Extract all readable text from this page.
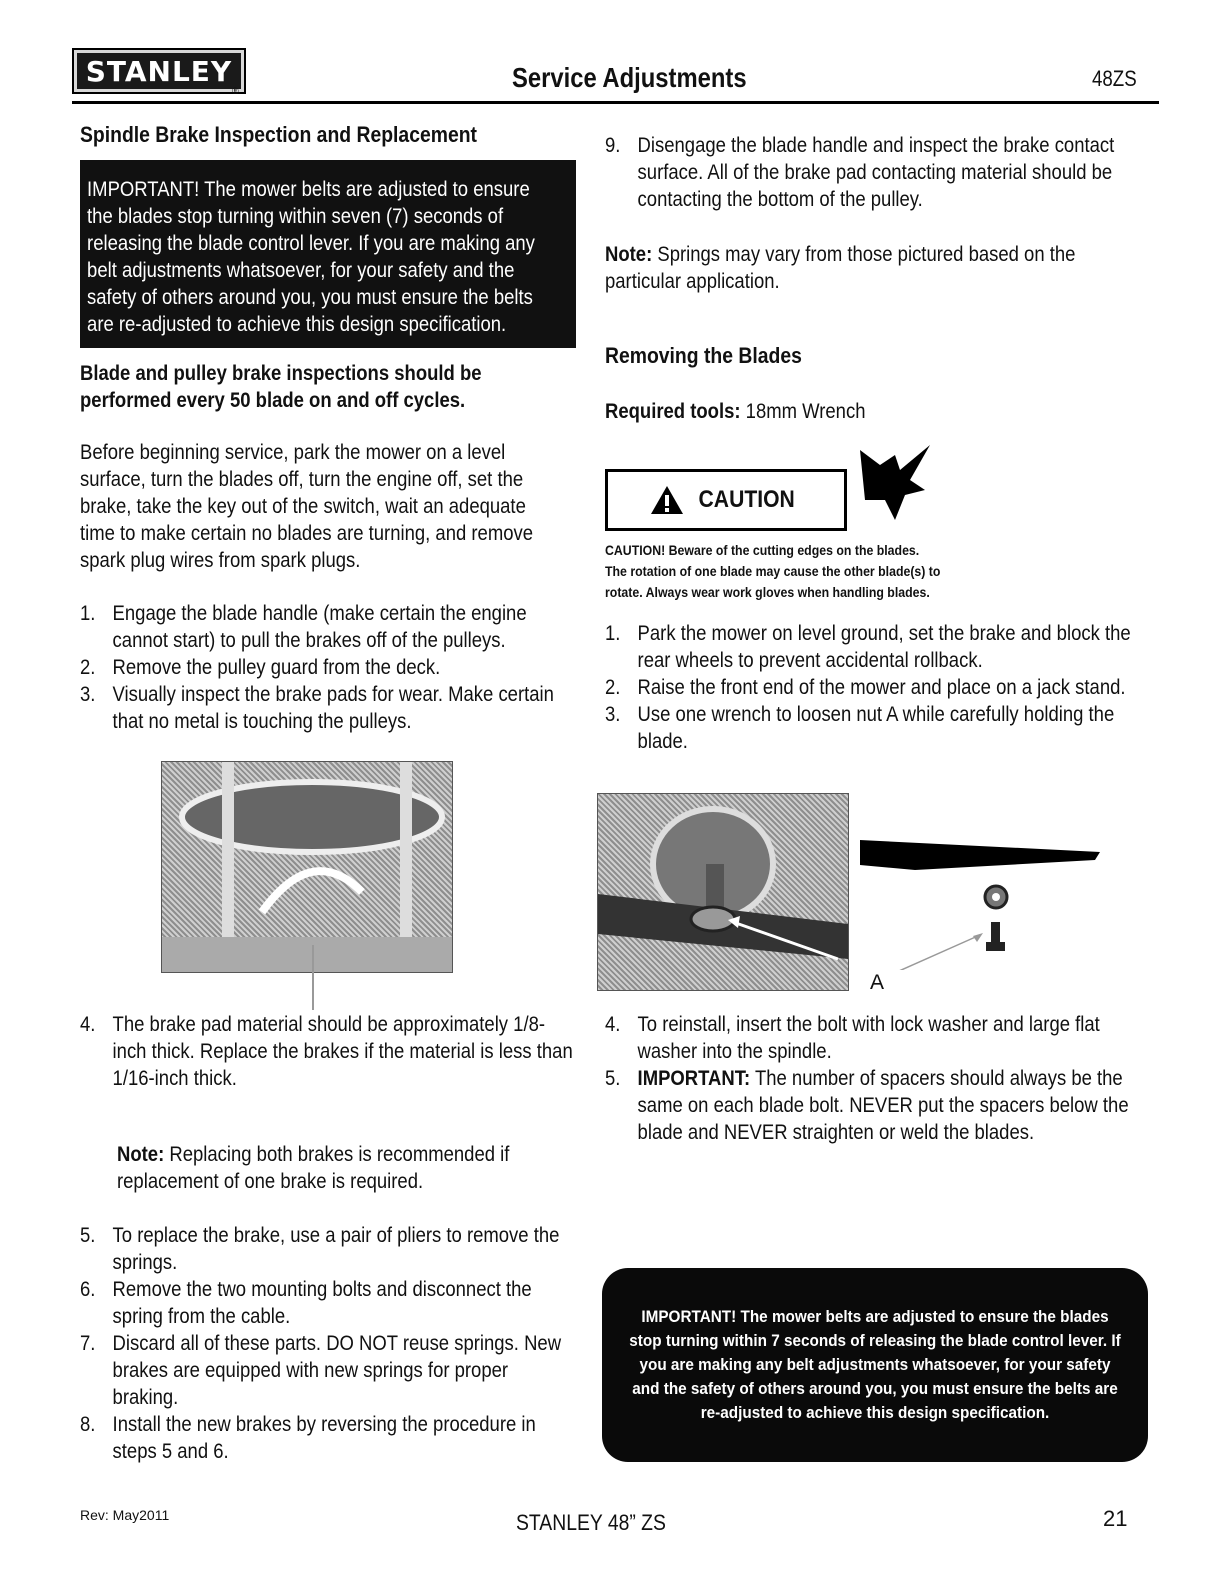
STANLEY
®	Service Adjustments	48ZS
Spindle Brake Inspection and Replacement
IMPORTANT! The mower belts are adjusted to ensure
the blades stop turning within seven (7) seconds of
releasing the blade control lever. If you are making any
belt adjustments whatsoever, for your safety and the
safety of others around you, you must ensure the belts
are re-adjusted to achieve this design specification.
Blade and pulley brake inspections should be
performed every 50 blade on and off cycles.
Before beginning service, park the mower on a level
surface, turn the blades off, turn the engine off, set the
brake, take the key out of the switch, wait an adequate
time to make certain no blades are turning, and remove
spark plug wires from spark plugs.
1. Engage the blade handle (make certain the engine cannot start) to pull the brakes off of the pulleys.
2. Remove the pulley guard from the deck.
3. Visually inspect the brake pads for wear. Make certain that no metal is touching the pulleys.
4. The brake pad material should be approximately 1/8-inch thick. Replace the brakes if the material is less than 1/16-inch thick.
Note: Replacing both brakes is recommended if replacement of one brake is required.
5. To replace the brake, use a pair of pliers to remove the springs.
6. Remove the two mounting bolts and disconnect the spring from the cable.
7. Discard all of these parts. DO NOT reuse springs. New brakes are equipped with new springs for proper braking.
8. Install the new brakes by reversing the procedure in steps 5 and 6.
9. Disengage the blade handle and inspect the brake contact surface. All of the brake pad contacting material should be contacting the bottom of the pulley.
Note: Springs may vary from those pictured based on the particular application.
Removing the Blades
Required tools: 18mm Wrench
CAUTION
CAUTION! Beware of the cutting edges on the blades.
The rotation of one blade may cause the other blade(s) to
rotate. Always wear work gloves when handling blades.
1. Park the mower on level ground, set the brake and block the rear wheels to prevent accidental rollback.
2. Raise the front end of the mower and place on a jack stand.
3. Use one wrench to loosen nut A while carefully holding the blade.
A
4. To reinstall, insert the bolt with lock washer and large flat washer into the spindle.
5. IMPORTANT: The number of spacers should always be the same on each blade bolt. NEVER put the spacers below the blade and NEVER straighten or weld the blades.
IMPORTANT! The mower belts are adjusted to ensure the blades stop turning within 7 seconds of releasing the blade control lever. If you are making any belt adjustments whatsoever, for your safety and the safety of others around you, you must ensure the belts are re-adjusted to achieve this design specification.
Rev: May2011	STANLEY 48” ZS	21
